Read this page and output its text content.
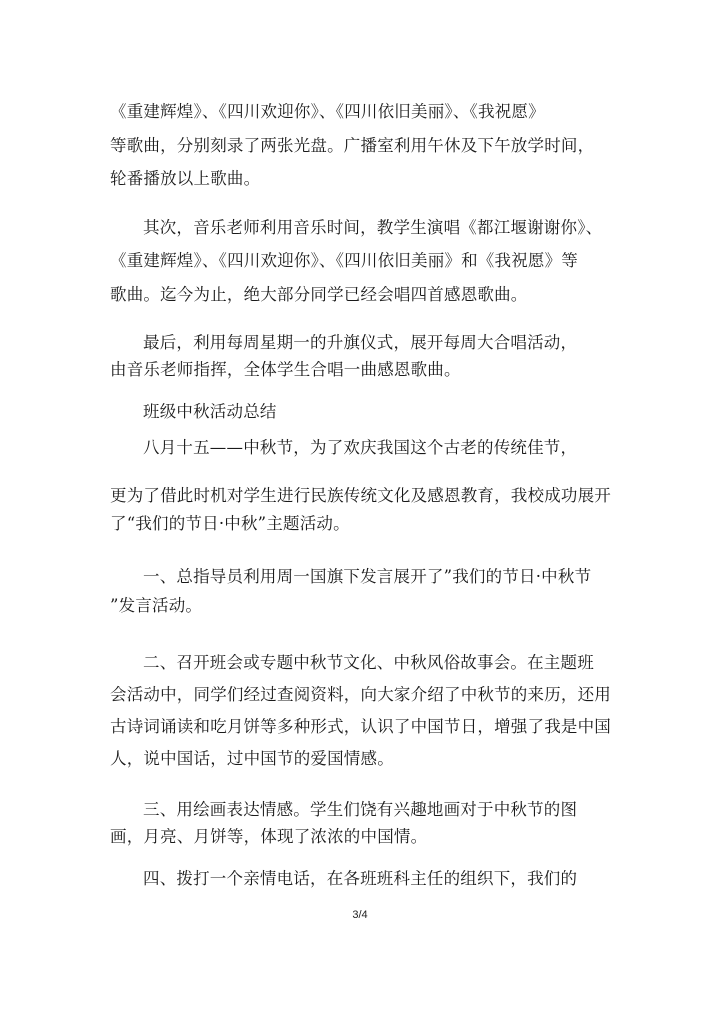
《重建辉煌》、《四川欢迎你》、《四川依旧美丽》、《我祝愿》
等歌曲，分别刻录了两张光盘。广播室利用午休及下午放学时间，
轮番播放以上歌曲。
其次，音乐老师利用音乐时间，教学生演唱《都江堰谢谢你》、
《重建辉煌》、《四川欢迎你》、《四川依旧美丽》和《我祝愿》等
歌曲。迄今为止，绝大部分同学已经会唱四首感恩歌曲。
最后，利用每周星期一的升旗仪式，展开每周大合唱活动，
由音乐老师指挥，全体学生合唱一曲感恩歌曲。
班级中秋活动总结
八月十五——中秋节，为了欢庆我国这个古老的传统佳节，
更为了借此时机对学生进行民族传统文化及感恩教育，我校成功展开
了“我们的节日·中秋”主题活动。
一、总指导员利用周一国旗下发言展开了”我们的节日·中秋节
”发言活动。
二、召开班会或专题中秋节文化、中秋风俗故事会。在主题班
会活动中，同学们经过查阅资料，向大家介绍了中秋节的来历，还用
古诗词诵读和吃月饼等多种形式，认识了中国节日，增强了我是中国
人，说中国话，过中国节的爱国情感。
三、用绘画表达情感。学生们饶有兴趣地画对于中秋节的图
画，月亮、月饼等，体现了浓浓的中国情。
四、拨打一个亲情电话，在各班班科主任的组织下，我们的
3/4
